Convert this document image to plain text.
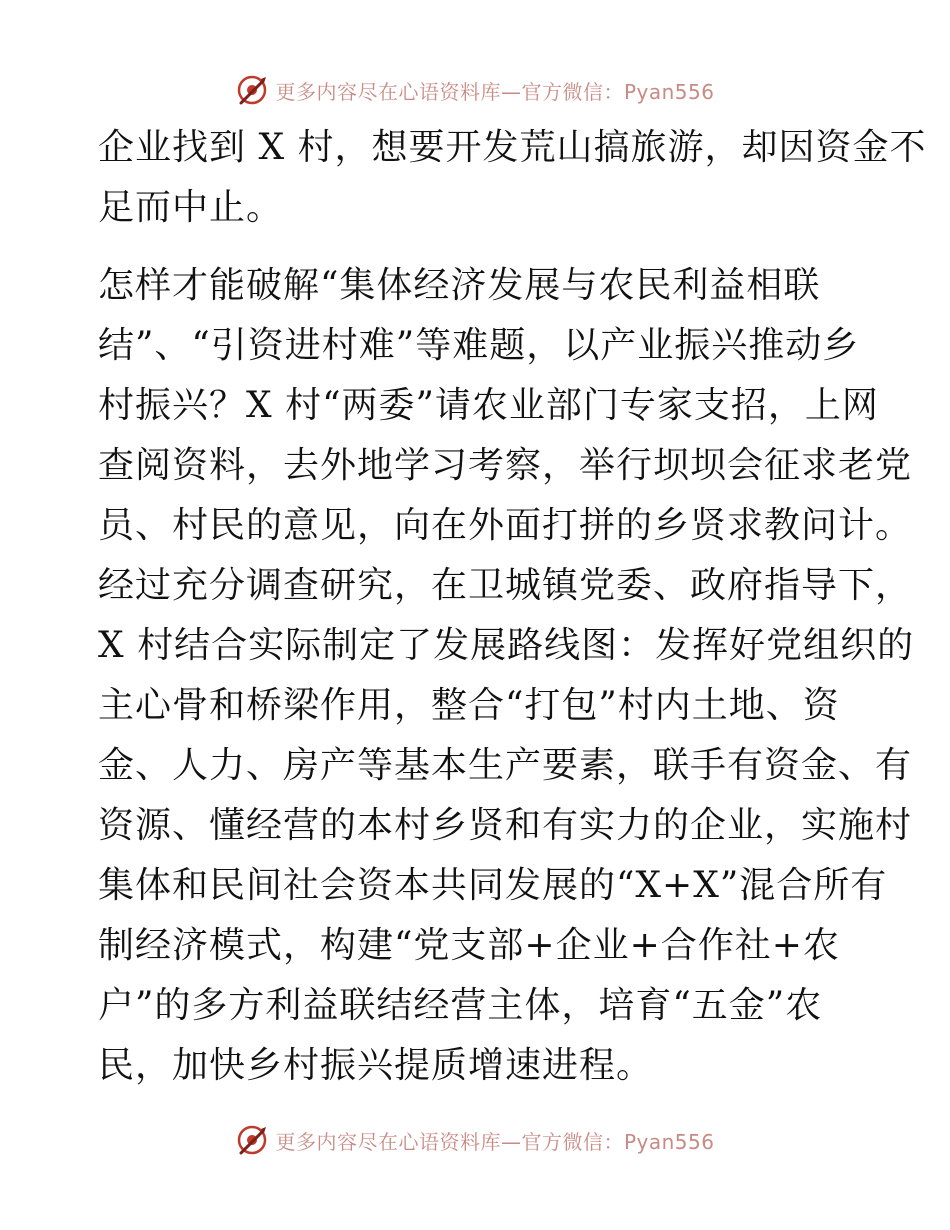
更多内容尽在心语资料库—官方微信：Pyan556
企业找到 X 村，想要开发荒山搞旅游，却因资金不
足而中止。
怎样才能破解“集体经济发展与农民利益相联
结”、“引资进村难”等难题，以产业振兴推动乡
村振兴？X 村“两委”请农业部门专家支招，上网
查阅资料，去外地学习考察，举行坝坝会征求老党
员、村民的意见，向在外面打拼的乡贤求教问计。
经过充分调查研究，在卫城镇党委、政府指导下，
X 村结合实际制定了发展路线图：发挥好党组织的
主心骨和桥梁作用，整合“打包”村内土地、资
金、人力、房产等基本生产要素，联手有资金、有
资源、懂经营的本村乡贤和有实力的企业，实施村
集体和民间社会资本共同发展的“X+X”混合所有
制经济模式，构建“党支部+企业+合作社+农
户”的多方利益联结经营主体，培育“五金”农
民，加快乡村振兴提质增速进程。
更多内容尽在心语资料库—官方微信：Pyan556
